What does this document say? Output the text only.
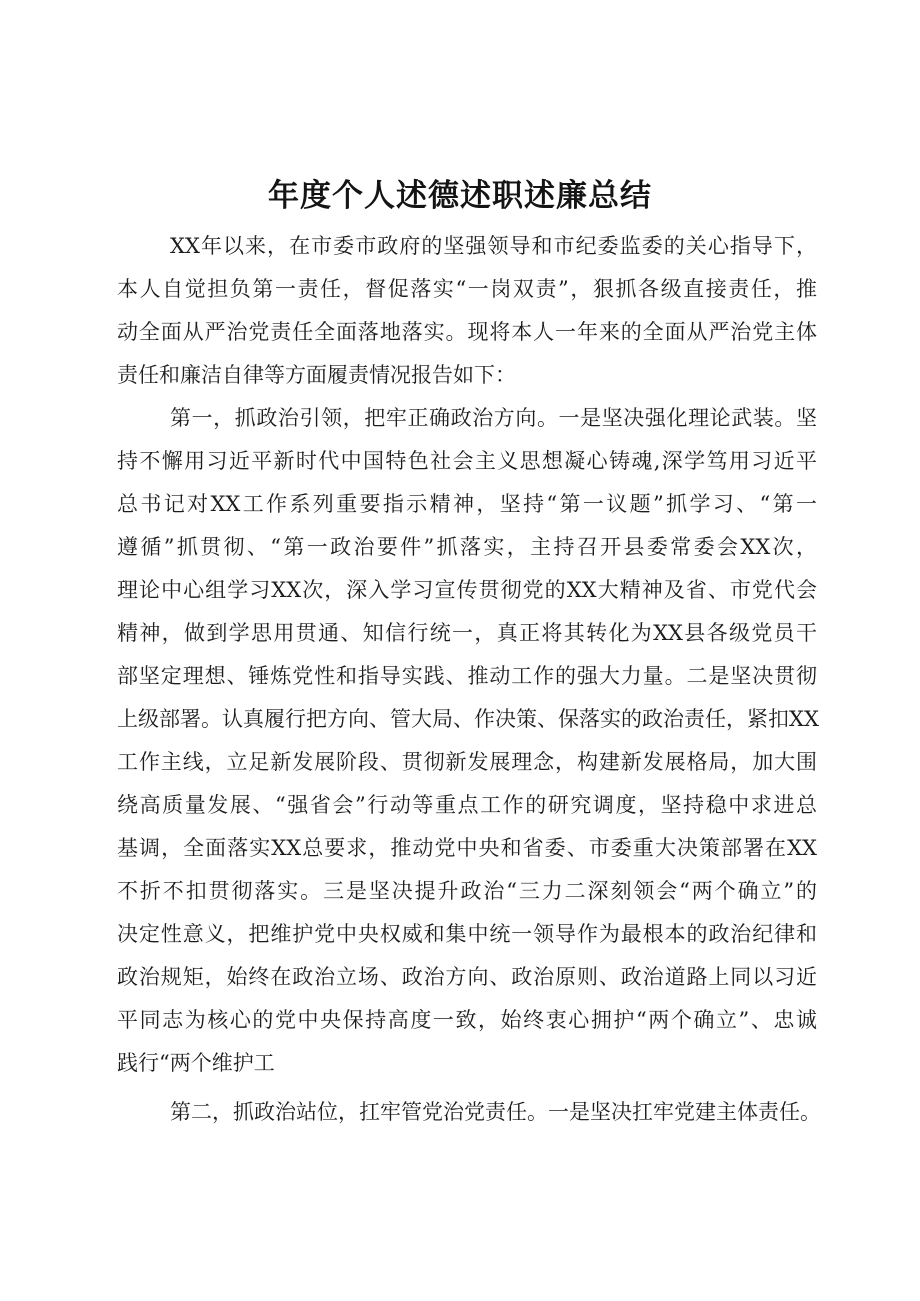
年度个人述德述职述廉总结

XX年以来，在市委市政府的坚强领导和市纪委监委的关心指导下，

本人自觉担负第一责任，督促落实“一岗双责”，狠抓各级直接责任，推

动全面从严治党责任全面落地落实。现将本人一年来的全面从严治党主体

责任和廉洁自律等方面履责情况报告如下：

第一，抓政治引领，把牢正确政治方向。一是坚决强化理论武装。坚

持不懈用习近平新时代中国特色社会主义思想凝心铸魂,深学笃用习近平

总书记对XX工作系列重要指示精神，坚持“第一议题”抓学习、“第一

遵循”抓贯彻、“第一政治要件”抓落实，主持召开县委常委会XX次，

理论中心组学习XX次，深入学习宣传贯彻党的XX大精神及省、市党代会

精神，做到学思用贯通、知信行统一，真正将其转化为XX县各级党员干

部坚定理想、锤炼党性和指导实践、推动工作的强大力量。二是坚决贯彻

上级部署。认真履行把方向、管大局、作决策、保落实的政治责任，紧扣XX

工作主线，立足新发展阶段、贯彻新发展理念，构建新发展格局，加大围

绕高质量发展、“强省会”行动等重点工作的研究调度，坚持稳中求进总

基调，全面落实XX总要求，推动党中央和省委、市委重大决策部署在XX

不折不扣贯彻落实。三是坚决提升政治“三力二深刻领会“两个确立”的

决定性意义，把维护党中央权威和集中统一领导作为最根本的政治纪律和

政治规矩，始终在政治立场、政治方向、政治原则、政治道路上同以习近

平同志为核心的党中央保持高度一致，始终衷心拥护“两个确立”、忠诚

践行“两个维护工

第二，抓政治站位，扛牢管党治党责任。一是坚决扛牢党建主体责任。
